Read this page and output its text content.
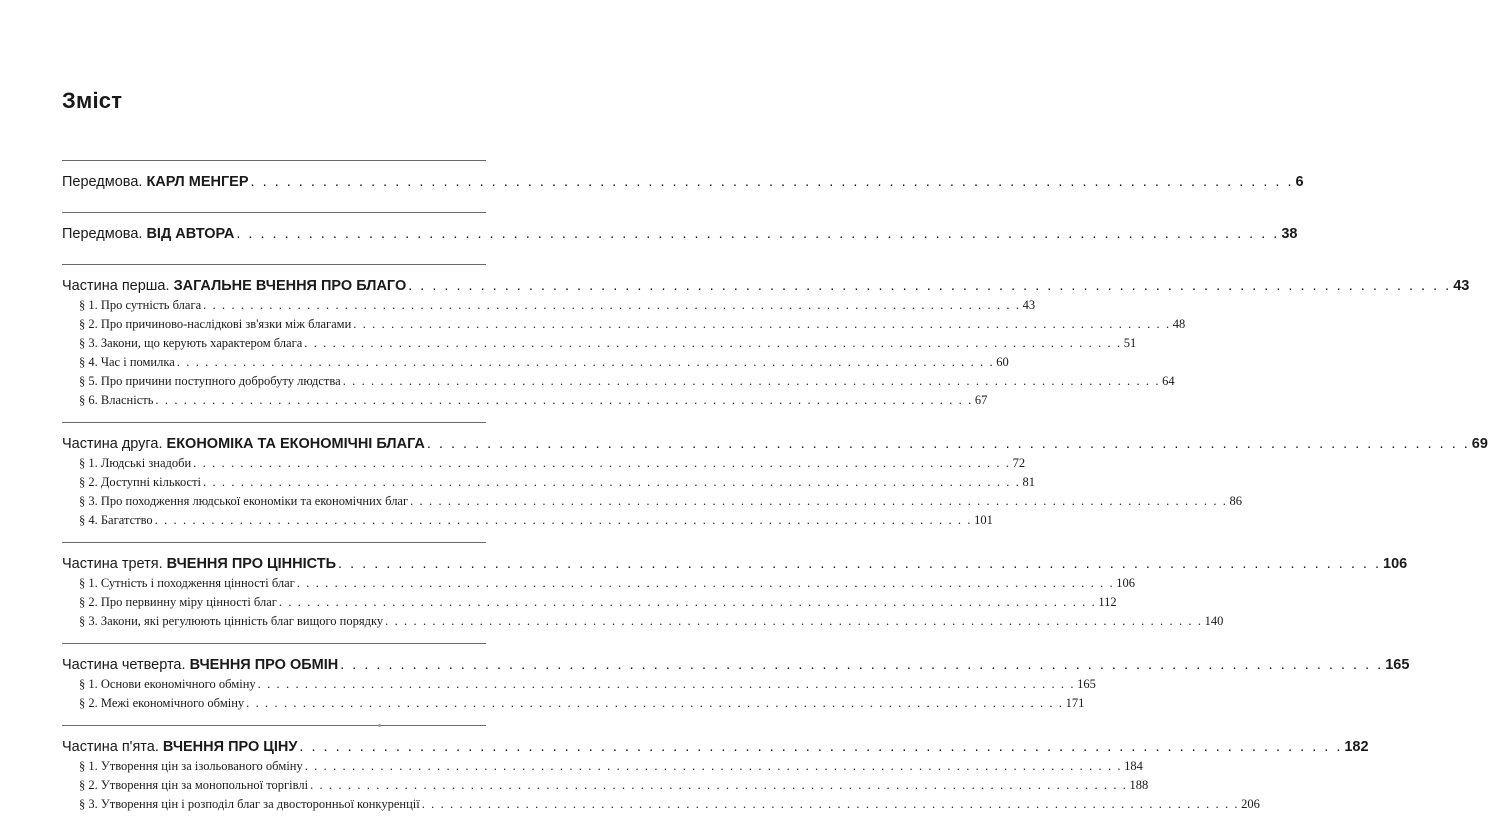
Зміст
Передмова. КАРЛ МЕНГЕР . . . . . . . . . . . . . . . . . . . . . . . . . . . . . . . . . . . . . . . . . . . . . . . . . . . . . . . . . . . . . . . . . . . . . . . . . . . . . . . . . . . . . . . 6
Передмова. ВІД АВТОРА . . . . . . . . . . . . . . . . . . . . . . . . . . . . . . . . . . . . . . . . . . . . . . . . . . . . . . . . . . . . . . . . . . . . . . . . . . . . . . . . . . . . . . . 38
Частина перша. ЗАГАЛЬНЕ ВЧЕННЯ ПРО БЛАГО . . . . . . . . . . . . . . . . . . . . . . . . . . . . . . . . . . . . . . . . . . . . . . . . . . . . . . . . . . . . . . . . . . . . . . . . . . . . . . . . . . . . . . . 43
§ 1. Про сутність блага . . . . . . . . . . . . . . . . . . . . . . . . . . . . . . . . . . . . . . . . . . . . . . . . . . . . . . . . . . . . . . . . . . . . . . . . . . . . . . . . . . . . . . . 43
§ 2. Про причиново-наслідкові зв'язки між благами . . . . . . . . . . . . . . . . . . . . . . . . . . . . . . . . . . . . . . . . . . . . . . . . . . . . . . . . . . . . . . . . . . . . . . . . . . . . . . . . . . . . . . . 48
§ 3. Закони, що керують характером блага . . . . . . . . . . . . . . . . . . . . . . . . . . . . . . . . . . . . . . . . . . . . . . . . . . . . . . . . . . . . . . . . . . . . . . . . . . . . . . . . . . . . . . . 51
§ 4. Час і помилка . . . . . . . . . . . . . . . . . . . . . . . . . . . . . . . . . . . . . . . . . . . . . . . . . . . . . . . . . . . . . . . . . . . . . . . . . . . . . . . . . . . . . . . 60
§ 5. Про причини поступного добробуту людства . . . . . . . . . . . . . . . . . . . . . . . . . . . . . . . . . . . . . . . . . . . . . . . . . . . . . . . . . . . . . . . . . . . . . . . . . . . . . . . . . . . . . . . 64
§ 6. Власність . . . . . . . . . . . . . . . . . . . . . . . . . . . . . . . . . . . . . . . . . . . . . . . . . . . . . . . . . . . . . . . . . . . . . . . . . . . . . . . . . . . . . . . 67
Частина друга. ЕКОНОМІКА ТА ЕКОНОМІЧНІ БЛАГА . . . . . . . . . . . . . . . . . . . . . . . . . . . . . . . . . . . . . . . . . . . . . . . . . . . . . . . . . . . . . . . . . . . . . . . . . . . . . . . . . . . . . . . 69
§ 1. Людські знадоби . . . . . . . . . . . . . . . . . . . . . . . . . . . . . . . . . . . . . . . . . . . . . . . . . . . . . . . . . . . . . . . . . . . . . . . . . . . . . . . . . . . . . . . 72
§ 2. Доступні кількості . . . . . . . . . . . . . . . . . . . . . . . . . . . . . . . . . . . . . . . . . . . . . . . . . . . . . . . . . . . . . . . . . . . . . . . . . . . . . . . . . . . . . . . 81
§ 3. Про походження людської економіки та економічних благ . . . . . . . . . . . . . . . . . . . . . . . . . . . . . . . . . . . . . . . . . . . . . . . . . . . . . . . . . . . . . . . . . . . . . . . . . . . . . . . . . . . . . . . 86
§ 4. Багатство . . . . . . . . . . . . . . . . . . . . . . . . . . . . . . . . . . . . . . . . . . . . . . . . . . . . . . . . . . . . . . . . . . . . . . . . . . . . . . . . . . . . . . . 101
Частина третя. ВЧЕННЯ ПРО ЦІННІСТЬ . . . . . . . . . . . . . . . . . . . . . . . . . . . . . . . . . . . . . . . . . . . . . . . . . . . . . . . . . . . . . . . . . . . . . . . . . . . . . . . . . . . . . . . 106
§ 1. Сутність і походження цінності благ . . . . . . . . . . . . . . . . . . . . . . . . . . . . . . . . . . . . . . . . . . . . . . . . . . . . . . . . . . . . . . . . . . . . . . . . . . . . . . . . . . . . . . . 106
§ 2. Про первинну міру цінності благ . . . . . . . . . . . . . . . . . . . . . . . . . . . . . . . . . . . . . . . . . . . . . . . . . . . . . . . . . . . . . . . . . . . . . . . . . . . . . . . . . . . . . . . 112
§ 3. Закони, які регулюють цінність благ вищого порядку . . . . . . . . . . . . . . . . . . . . . . . . . . . . . . . . . . . . . . . . . . . . . . . . . . . . . . . . . . . . . . . . . . . . . . . . . . . . . . . . . . . . . . . 140
Частина четверта. ВЧЕННЯ ПРО ОБМІН . . . . . . . . . . . . . . . . . . . . . . . . . . . . . . . . . . . . . . . . . . . . . . . . . . . . . . . . . . . . . . . . . . . . . . . . . . . . . . . . . . . . . . . 165
§ 1. Основи економічного обміну . . . . . . . . . . . . . . . . . . . . . . . . . . . . . . . . . . . . . . . . . . . . . . . . . . . . . . . . . . . . . . . . . . . . . . . . . . . . . . . . . . . . . . . 165
§ 2. Межі економічного обміну . . . . . . . . . . . . . . . . . . . . . . . . . . . . . . . . . . . . . . . . . . . . . . . . . . . . . . . . . . . . . . . . . . . . . . . . . . . . . . . . . . . . . . . 171
Частина п'ята. ВЧЕННЯ ПРО ЦІНУ . . . . . . . . . . . . . . . . . . . . . . . . . . . . . . . . . . . . . . . . . . . . . . . . . . . . . . . . . . . . . . . . . . . . . . . . . . . . . . . . . . . . . . . 182
§ 1. Утворення цін за ізольованого обміну . . . . . . . . . . . . . . . . . . . . . . . . . . . . . . . . . . . . . . . . . . . . . . . . . . . . . . . . . . . . . . . . . . . . . . . . . . . . . . . . . . . . . . . 184
§ 2. Утворення цін за монопольної торгівлі . . . . . . . . . . . . . . . . . . . . . . . . . . . . . . . . . . . . . . . . . . . . . . . . . . . . . . . . . . . . . . . . . . . . . . . . . . . . . . . . . . . . . . . 188
§ 3. Утворення цін і розподіл благ за двосторонньої конкуренції . . . . . . . . . . . . . . . . . . . . . . . . . . . . . . . . . . . . . . . . . . . . . . . . . . . . . . . . . . . . . . . . . . . . . . . . . . . . . . . . . . . . . . . 206
